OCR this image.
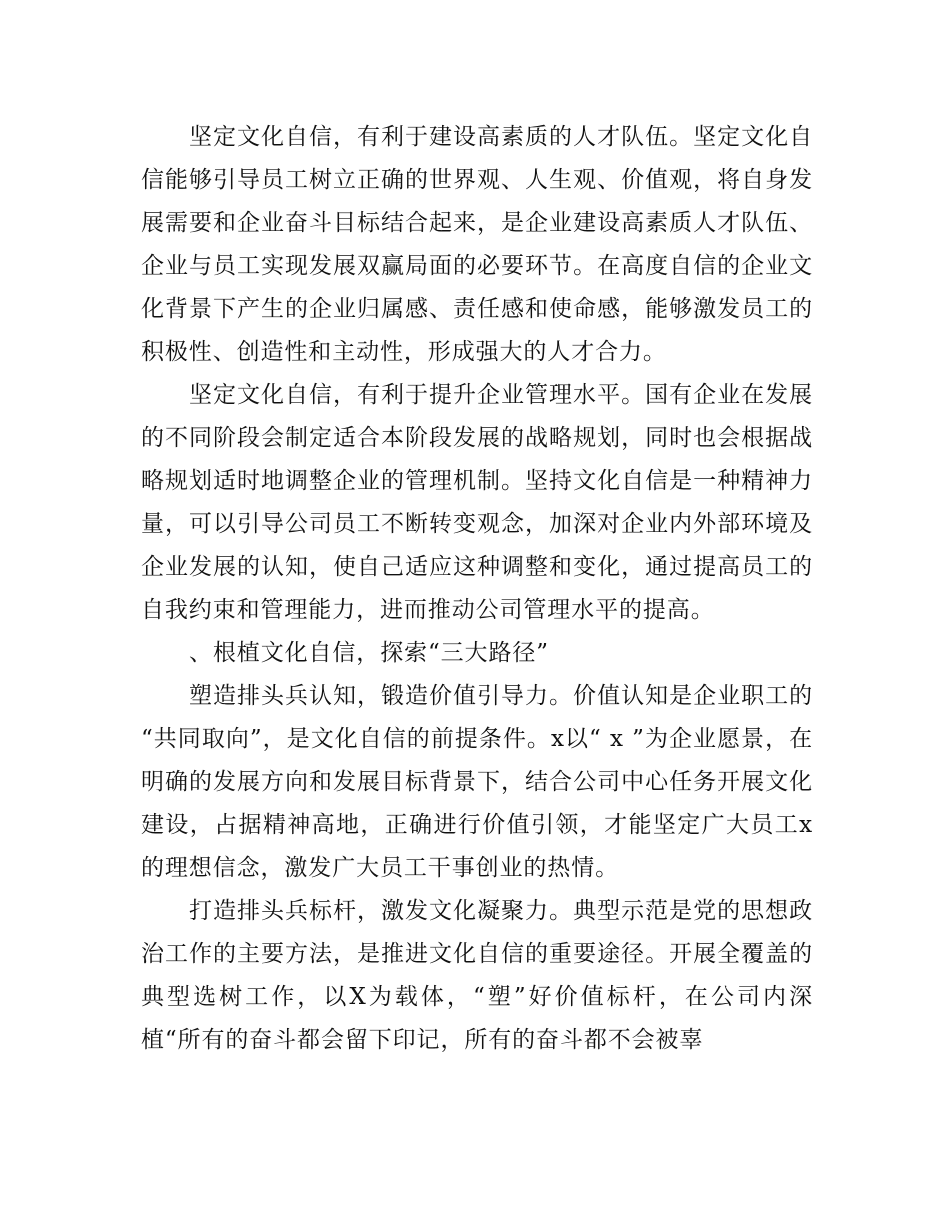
坚定文化自信，有利于建设高素质的人才队伍。坚定文化自信能够引导员工树立正确的世界观、人生观、价值观，将自身发展需要和企业奋斗目标结合起来，是企业建设高素质人才队伍、企业与员工实现发展双赢局面的必要环节。在高度自信的企业文化背景下产生的企业归属感、责任感和使命感，能够激发员工的积极性、创造性和主动性，形成强大的人才合力。

坚定文化自信，有利于提升企业管理水平。国有企业在发展的不同阶段会制定适合本阶段发展的战略规划，同时也会根据战略规划适时地调整企业的管理机制。坚持文化自信是一种精神力量，可以引导公司员工不断转变观念，加深对企业内外部环境及企业发展的认知，使自己适应这种调整和变化，通过提高员工的自我约束和管理能力，进而推动公司管理水平的提高。

、根植文化自信，探索“三大路径”

塑造排头兵认知，锻造价值引导力。价值认知是企业职工的 “共同取向”，是文化自信的前提条件。x以“ x ”为企业愿景，在明确的发展方向和发展目标背景下，结合公司中心任务开展文化建设，占据精神高地，正确进行价值引领，才能坚定广大员工x的理想信念，激发广大员工干事创业的热情。

打造排头兵标杆，激发文化凝聚力。典型示范是党的思想政治工作的主要方法，是推进文化自信的重要途径。开展全覆盖的典型选树工作，以X为载体，“塑”好价值标杆，在公司内深植“所有的奋斗都会留下印记，所有的奋斗都不会被辜
